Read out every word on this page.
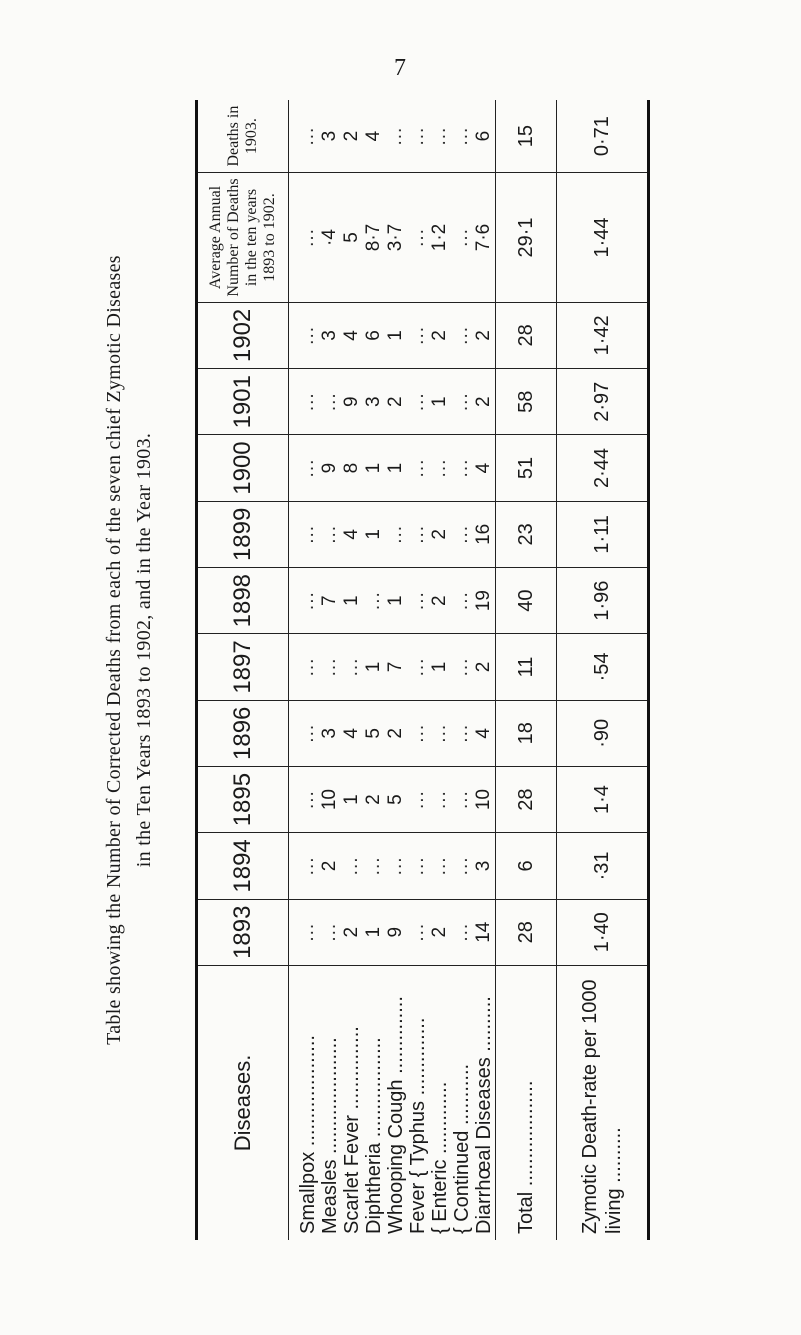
7
Table showing the Number of Corrected Deaths from each of the seven chief Zymotic Diseases in the Ten Years 1893 to 1902, and in the Year 1903.
Diseases.	1893	1894	1895	1896	1897	1898	1899	1900	1901	1902	Average Annual Number of Deaths in the ten years 1893 to 1902.	Deaths in 1903.
Smallpox ....................	...	...	...	...	...	...	...	...	...	...	...	...
Measles .....................	...	2	10	3	...	7	...	9	...	3	·4	3
Scarlet Fever ...............	2	...	1	4	...	1	4	8	9	4	5	2
Diphtheria ..................	1	...	2	5	1	...	1	1	3	6	8·7	4
Whooping Cough ..............	9	...	5	2	7	1	...	1	2	1	3·7	...
Fever { Typhus ..............	...	...	...	...	...	...	...	...	...	...	...	...
{ Enteric .............	2	...	...	...	1	2	2	...	1	2	1·2	...
{ Continued ...........	...	...	...	...	...	...	...	...	...	...	...	...
Diarrhœal Diseases ..........	14	3	10	4	2	19	16	4	2	2	7·6	6
Total ...................	28	6	28	18	11	40	23	51	58	28	29·1	15
Zymotic Death-rate per 1000 living ..........	1·40	·31	1·4	·90	·54	1·96	1·11	2·44	2·97	1·42	1·44	0·71
